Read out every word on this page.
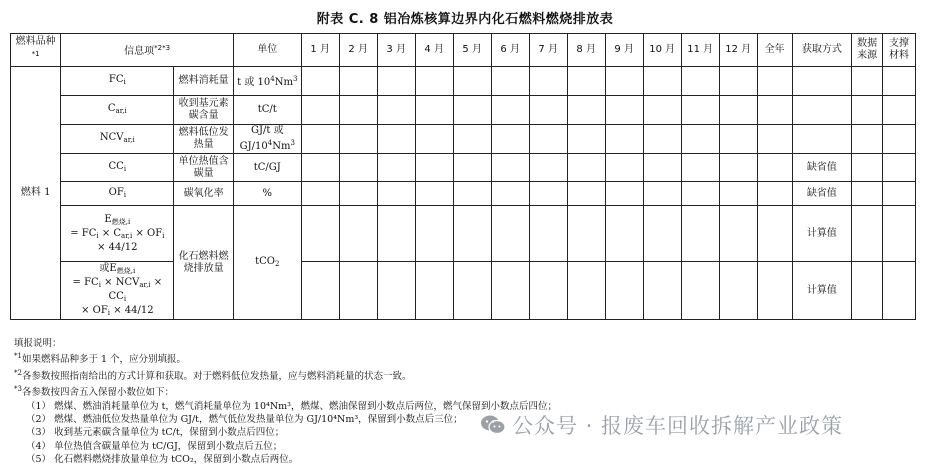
附表 C. 8 铝冶炼核算边界内化石燃料燃烧排放表
燃料品种$^{*1}$	信息项$^{*2*3}$		单位	1 月	2 月	3 月	4 月	5 月	6 月	7 月	8 月	9 月	10 月	11 月	12 月	全年	获取方式	数据来源	支撑材料
燃料 1	$FC_i$	燃料消耗量	t 或 $10^4Nm^3$																
	$C_{ar,i}$	收到基元素碳含量	tC/t																
	$NCV_{ar,i}$	燃料低位发热量	GJ/t 或 $GJ/10^4Nm^3$																
	$CC_i$	单位热值含碳量	tC/GJ														缺省值		
	$OF_i$	碳氧化率	%														缺省值		
	$E_{燃烧,i}$
= $FC_i \times C_{ar,i} \times OF_i$
× 44/12	化石燃料燃烧排放量	tCO$_2$														计算值		
	或$E_{燃烧,i}$
= $FC_i \times NCV_{ar,i} \times CC_i$
× $OF_i \times 44/12$																计算值		
填报说明：
$^{*1}$如果燃料品种多于 1 个，应分别填报。
$^{*2}$各参数按照指南给出的方式计算和获取。对于燃料低位发热量，应与燃料消耗量的状态一致。
$^{*3}$各参数按四舍五入保留小数位如下：
（1） 燃煤、燃油消耗量单位为 t，燃气消耗量单位为 10⁴Nm³，燃煤、燃油保留到小数点后两位，燃气保留到小数点后四位；
（2） 燃煤、燃油低位发热量单位为 GJ/t，燃气低位发热量单位为 GJ/10⁴Nm³，保留到小数点后三位；
（3） 收到基元素碳含量单位为 tC/t，保留到小数点后四位；
（4） 单位热值含碳量单位为 tC/GJ，保留到小数点后五位；
（5） 化石燃料燃烧排放量单位为 tCO₂，保留到小数点后两位。
公众号 · 报废车回收拆解产业政策
